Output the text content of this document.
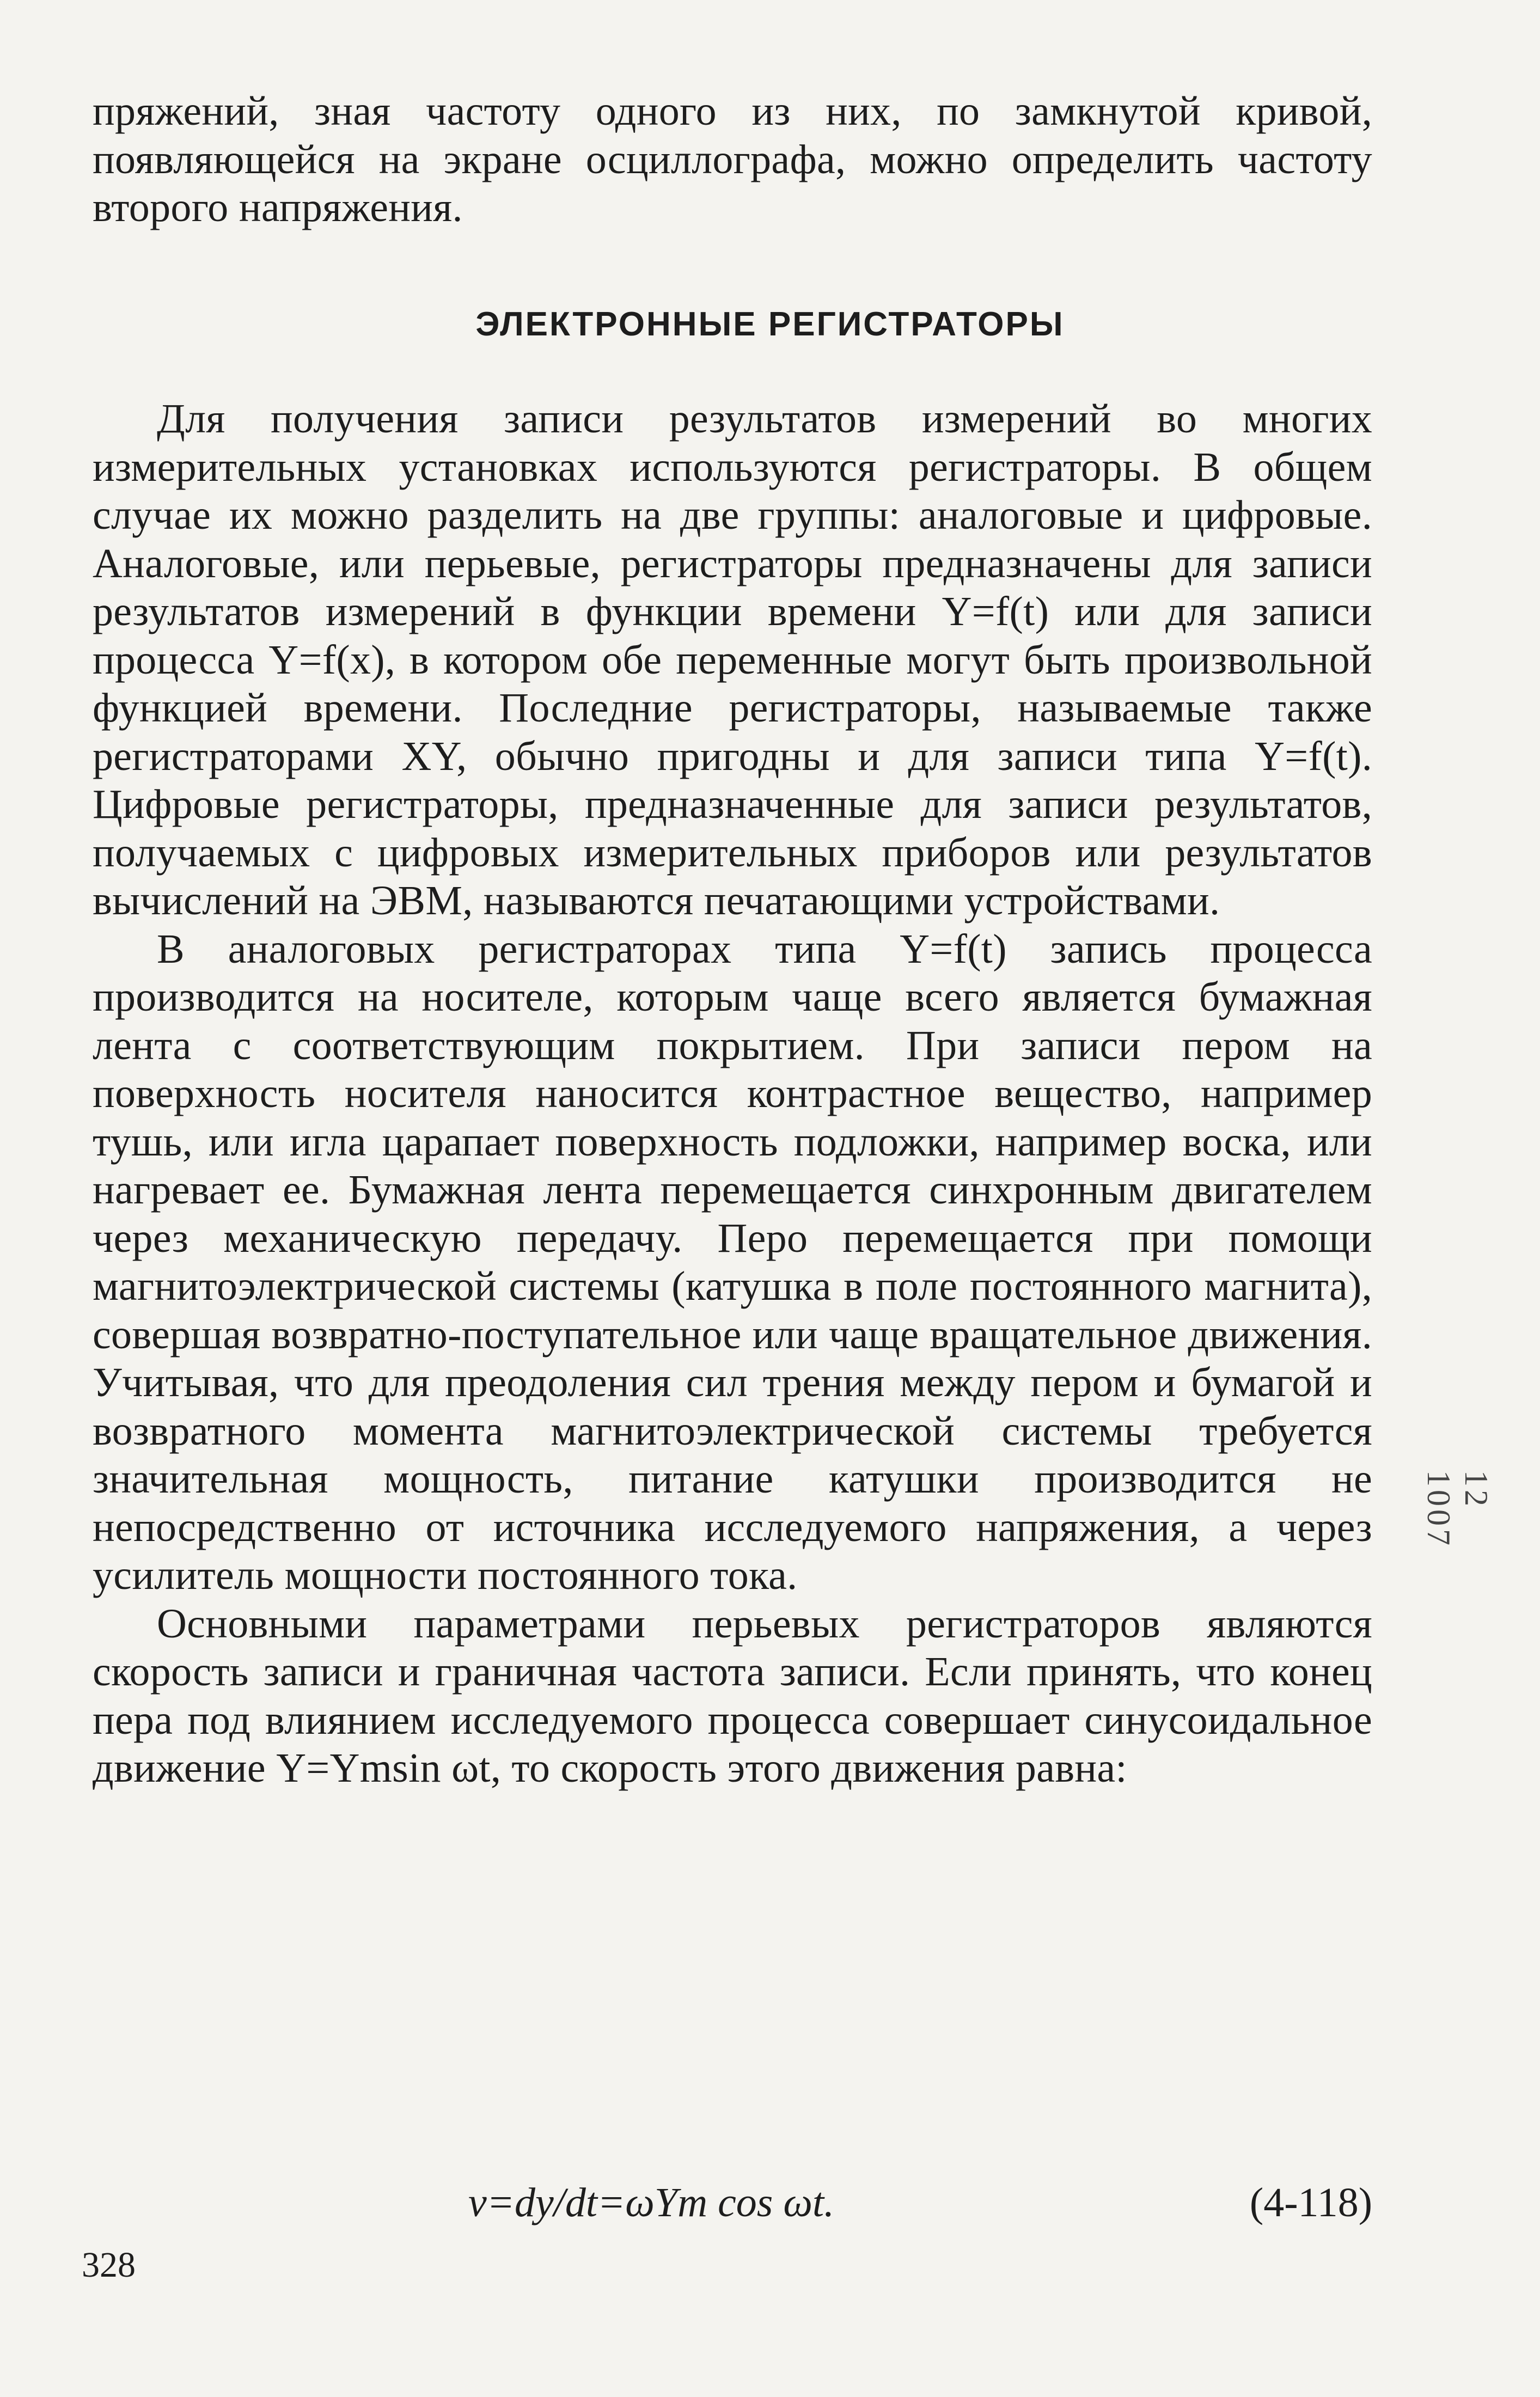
пряжений, зная частоту одного из них, по замкнутой кривой, появляющейся на экране осциллографа, можно определить частоту второго напряжения.

ЭЛЕКТРОННЫЕ РЕГИСТРАТОРЫ

Для получения записи результатов измерений во многих измерительных установках используются регистраторы. В общем случае их можно разделить на две группы: аналоговые и цифровые. Аналоговые, или перьевые, регистраторы предназначены для записи результатов измерений в функции времени Y=f(t) или для записи процесса Y=f(x), в котором обе переменные могут быть произвольной функцией времени. Последние регистраторы, называемые также регистраторами XY, обычно пригодны и для записи типа Y=f(t). Цифровые регистраторы, предназначенные для записи результатов, получаемых с цифровых измерительных приборов или результатов вычислений на ЭВМ, называются печатающими устройствами.

В аналоговых регистраторах типа Y=f(t) запись процесса производится на носителе, которым чаще всего является бумажная лента с соответствующим покрытием. При записи пером на поверхность носителя наносится контрастное вещество, например тушь, или игла царапает поверхность подложки, например воска, или нагревает ее. Бумажная лента перемещается синхронным двигателем через механическую передачу. Перо перемещается при помощи магнитоэлектрической системы (катушка в поле постоянного магнита), совершая возвратно-поступательное или чаще вращательное движения. Учитывая, что для преодоления сил трения между пером и бумагой и возвратного момента магнитоэлектрической системы требуется значительная мощность, питание катушки производится не непосредственно от источника исследуемого напряжения, а через усилитель мощности постоянного тока.

Основными параметрами перьевых регистраторов являются скорость записи и граничная частота записи. Если принять, что конец пера под влиянием исследуемого процесса совершает синусоидальное движение Y=Ymsin ωt, то скорость этого движения равна:

v=dy/dt=ωYm cos ωt.	(4-118)
328
12 1007
